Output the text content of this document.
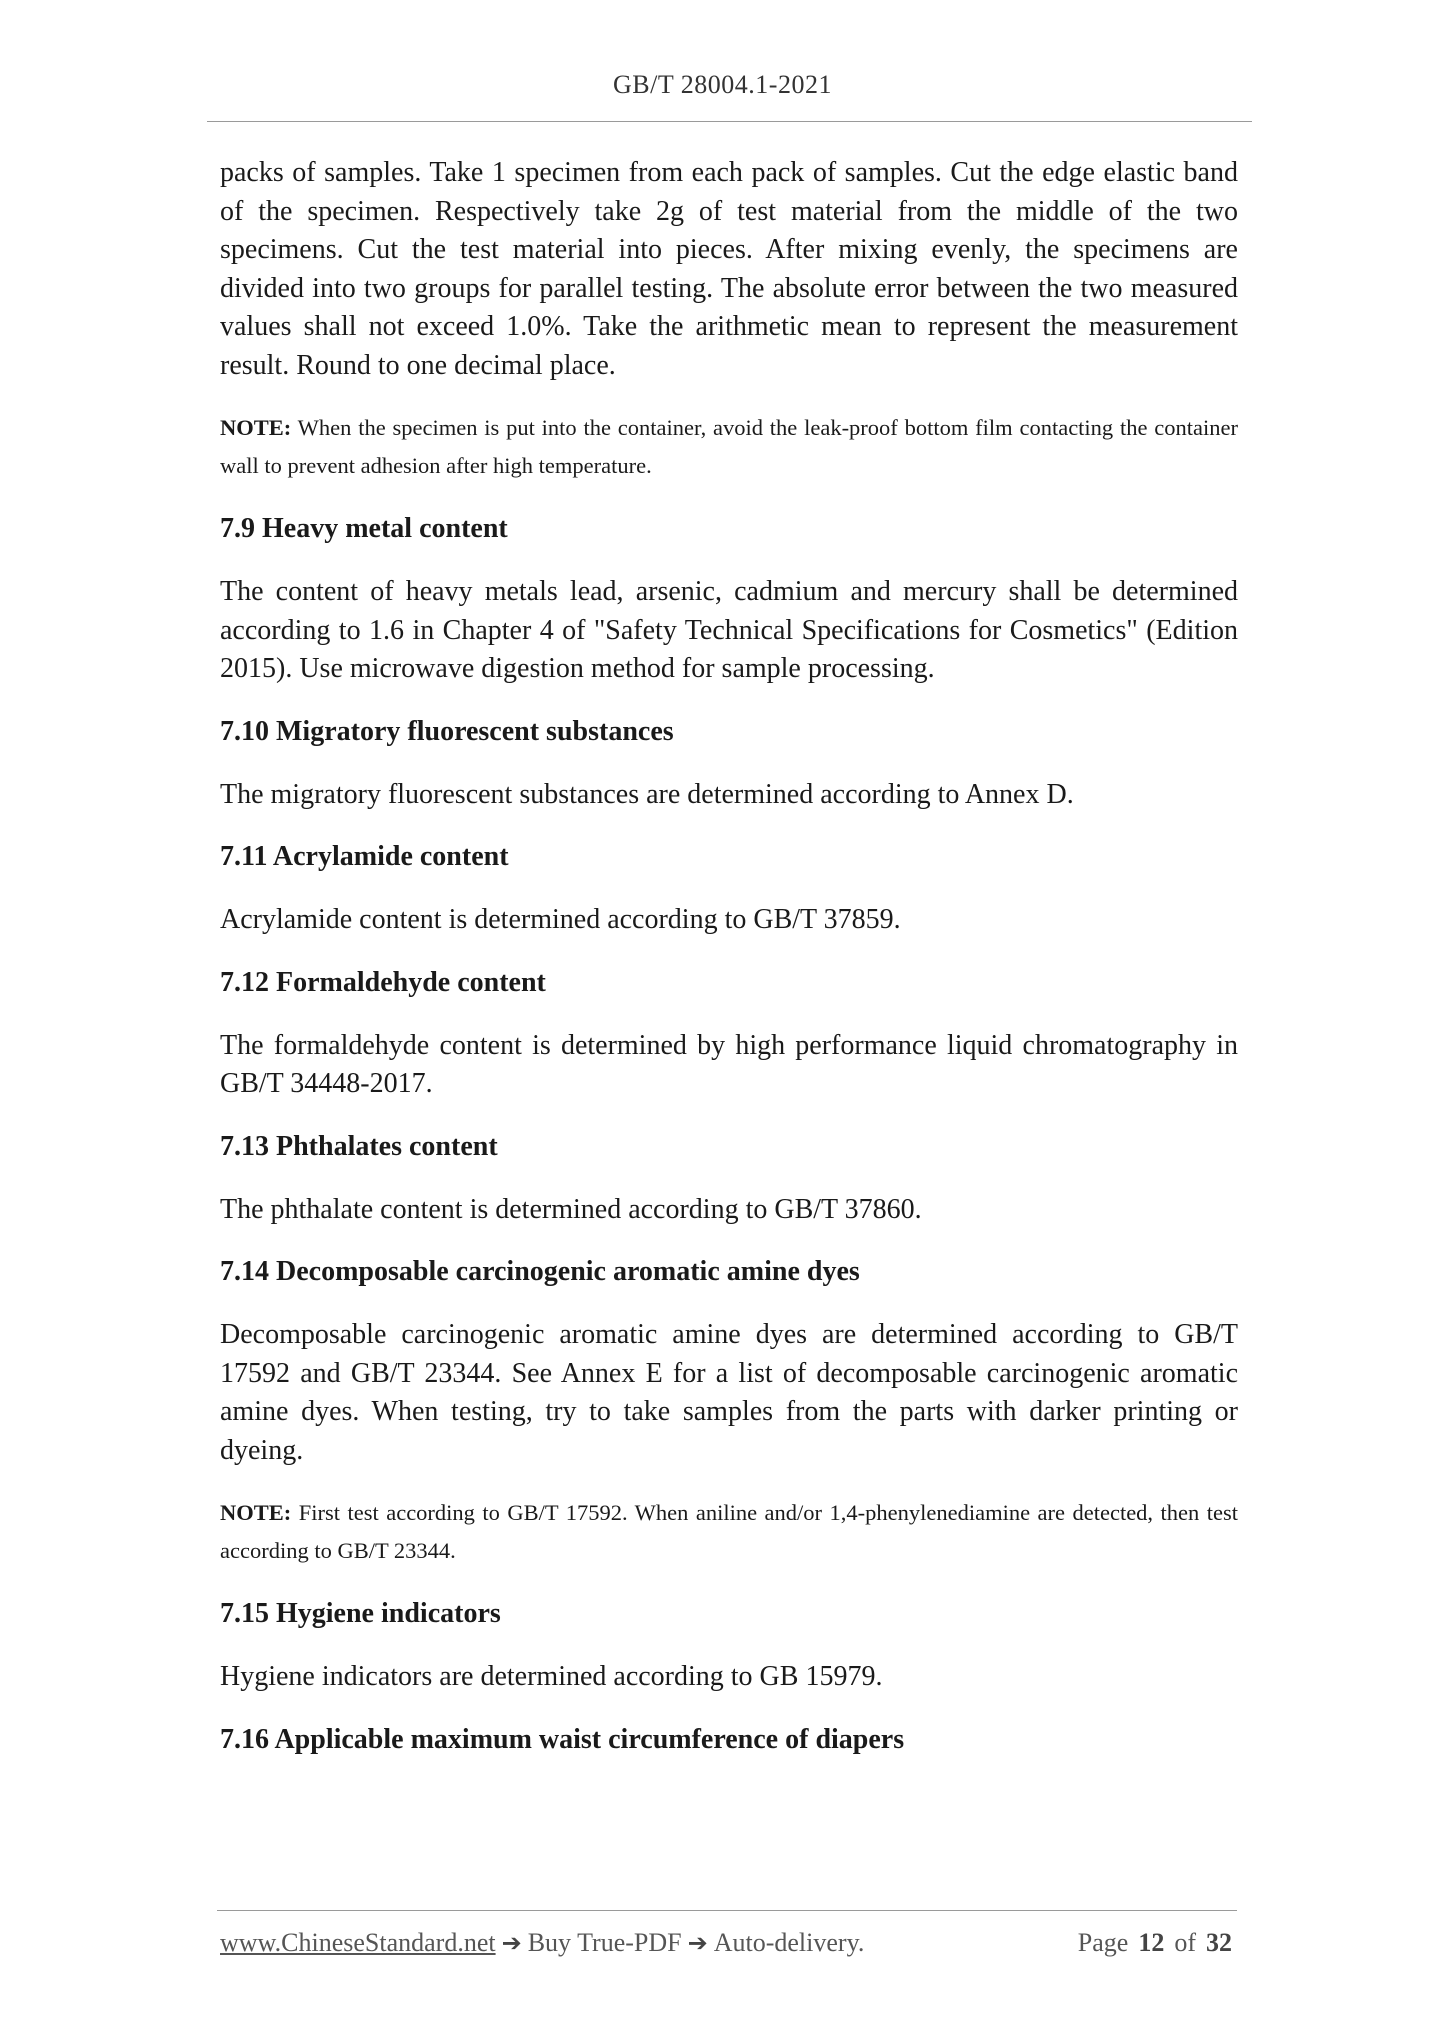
GB/T 28004.1-2021

packs of samples. Take 1 specimen from each pack of samples. Cut the edge elastic band of the specimen. Respectively take 2g of test material from the middle of the two specimens. Cut the test material into pieces. After mixing evenly, the specimens are divided into two groups for parallel testing. The absolute error between the two measured values shall not exceed 1.0%. Take the arithmetic mean to represent the measurement result. Round to one decimal place.

NOTE: When the specimen is put into the container, avoid the leak-proof bottom film contacting the container wall to prevent adhesion after high temperature.

7.9 Heavy metal content

The content of heavy metals lead, arsenic, cadmium and mercury shall be determined according to 1.6 in Chapter 4 of "Safety Technical Specifications for Cosmetics" (Edition 2015). Use microwave digestion method for sample processing.

7.10 Migratory fluorescent substances

The migratory fluorescent substances are determined according to Annex D.

7.11 Acrylamide content

Acrylamide content is determined according to GB/T 37859.

7.12 Formaldehyde content

The formaldehyde content is determined by high performance liquid chromatography in GB/T 34448-2017.

7.13 Phthalates content

The phthalate content is determined according to GB/T 37860.

7.14 Decomposable carcinogenic aromatic amine dyes

Decomposable carcinogenic aromatic amine dyes are determined according to GB/T 17592 and GB/T 23344. See Annex E for a list of decomposable carcinogenic aromatic amine dyes. When testing, try to take samples from the parts with darker printing or dyeing.

NOTE: First test according to GB/T 17592. When aniline and/or 1,4-phenylenediamine are detected, then test according to GB/T 23344.

7.15 Hygiene indicators

Hygiene indicators are determined according to GB 15979.

7.16 Applicable maximum waist circumference of diapers
www.ChineseStandard.net ➔ Buy True-PDF ➔ Auto-delivery.	Page 12 of 32
